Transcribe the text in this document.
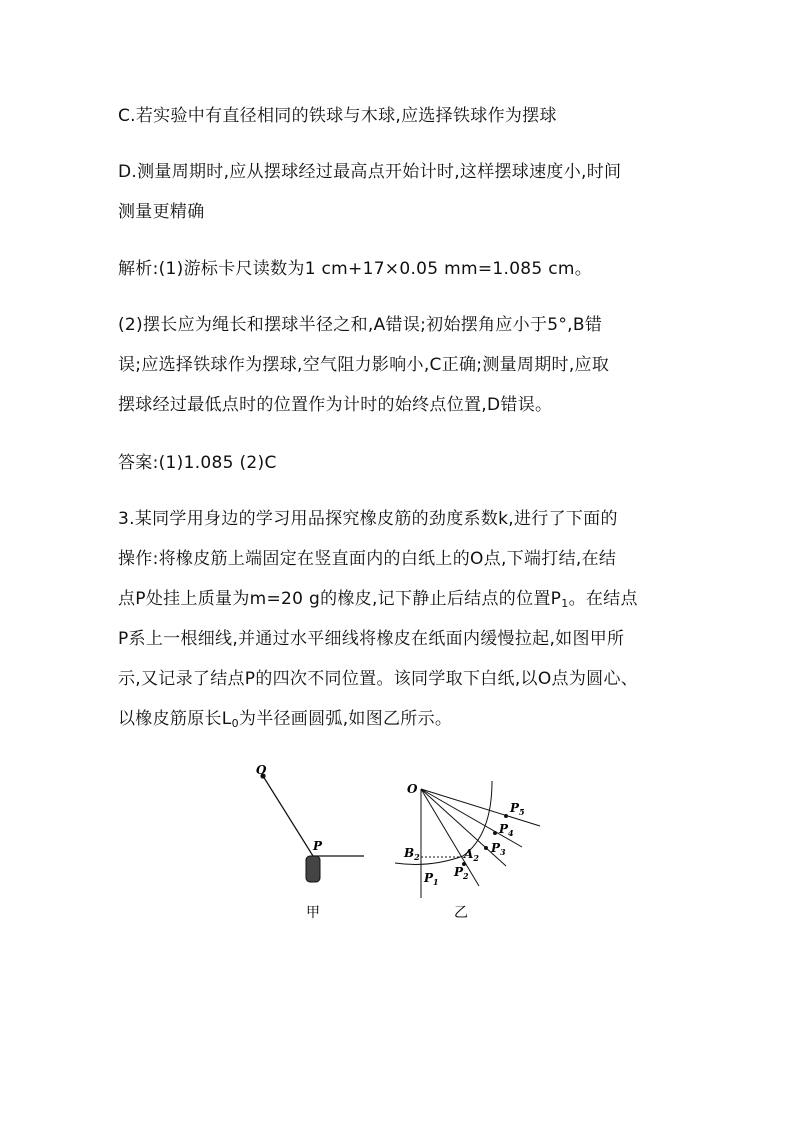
C.若实验中有直径相同的铁球与木球,应选择铁球作为摆球
D.测量周期时,应从摆球经过最高点开始计时,这样摆球速度小,时间
测量更精确
解析:(1)游标卡尺读数为1 cm+17×0.05 mm=1.085 cm。
(2)摆长应为绳长和摆球半径之和,A错误;初始摆角应小于5°,B错
误;应选择铁球作为摆球,空气阻力影响小,C正确;测量周期时,应取
摆球经过最低点时的位置作为计时的始终点位置,D错误。
答案:(1)1.085 (2)C
3.某同学用身边的学习用品探究橡皮筋的劲度系数k,进行了下面的
操作:将橡皮筋上端固定在竖直面内的白纸上的O点,下端打结,在结
点P处挂上质量为m=20 g的橡皮,记下静止后结点的位置$P_1$。在结点
P系上一根细线,并通过水平细线将橡皮在纸面内缓慢拉起,如图甲所
示,又记录了结点P的四次不同位置。该同学取下白纸,以O点为圆心、
以橡皮筋原长$L_0$为半径画圆弧,如图乙所示。
O
P
甲
O
B2	A2
P1
P2
P3
P4
P5
乙
